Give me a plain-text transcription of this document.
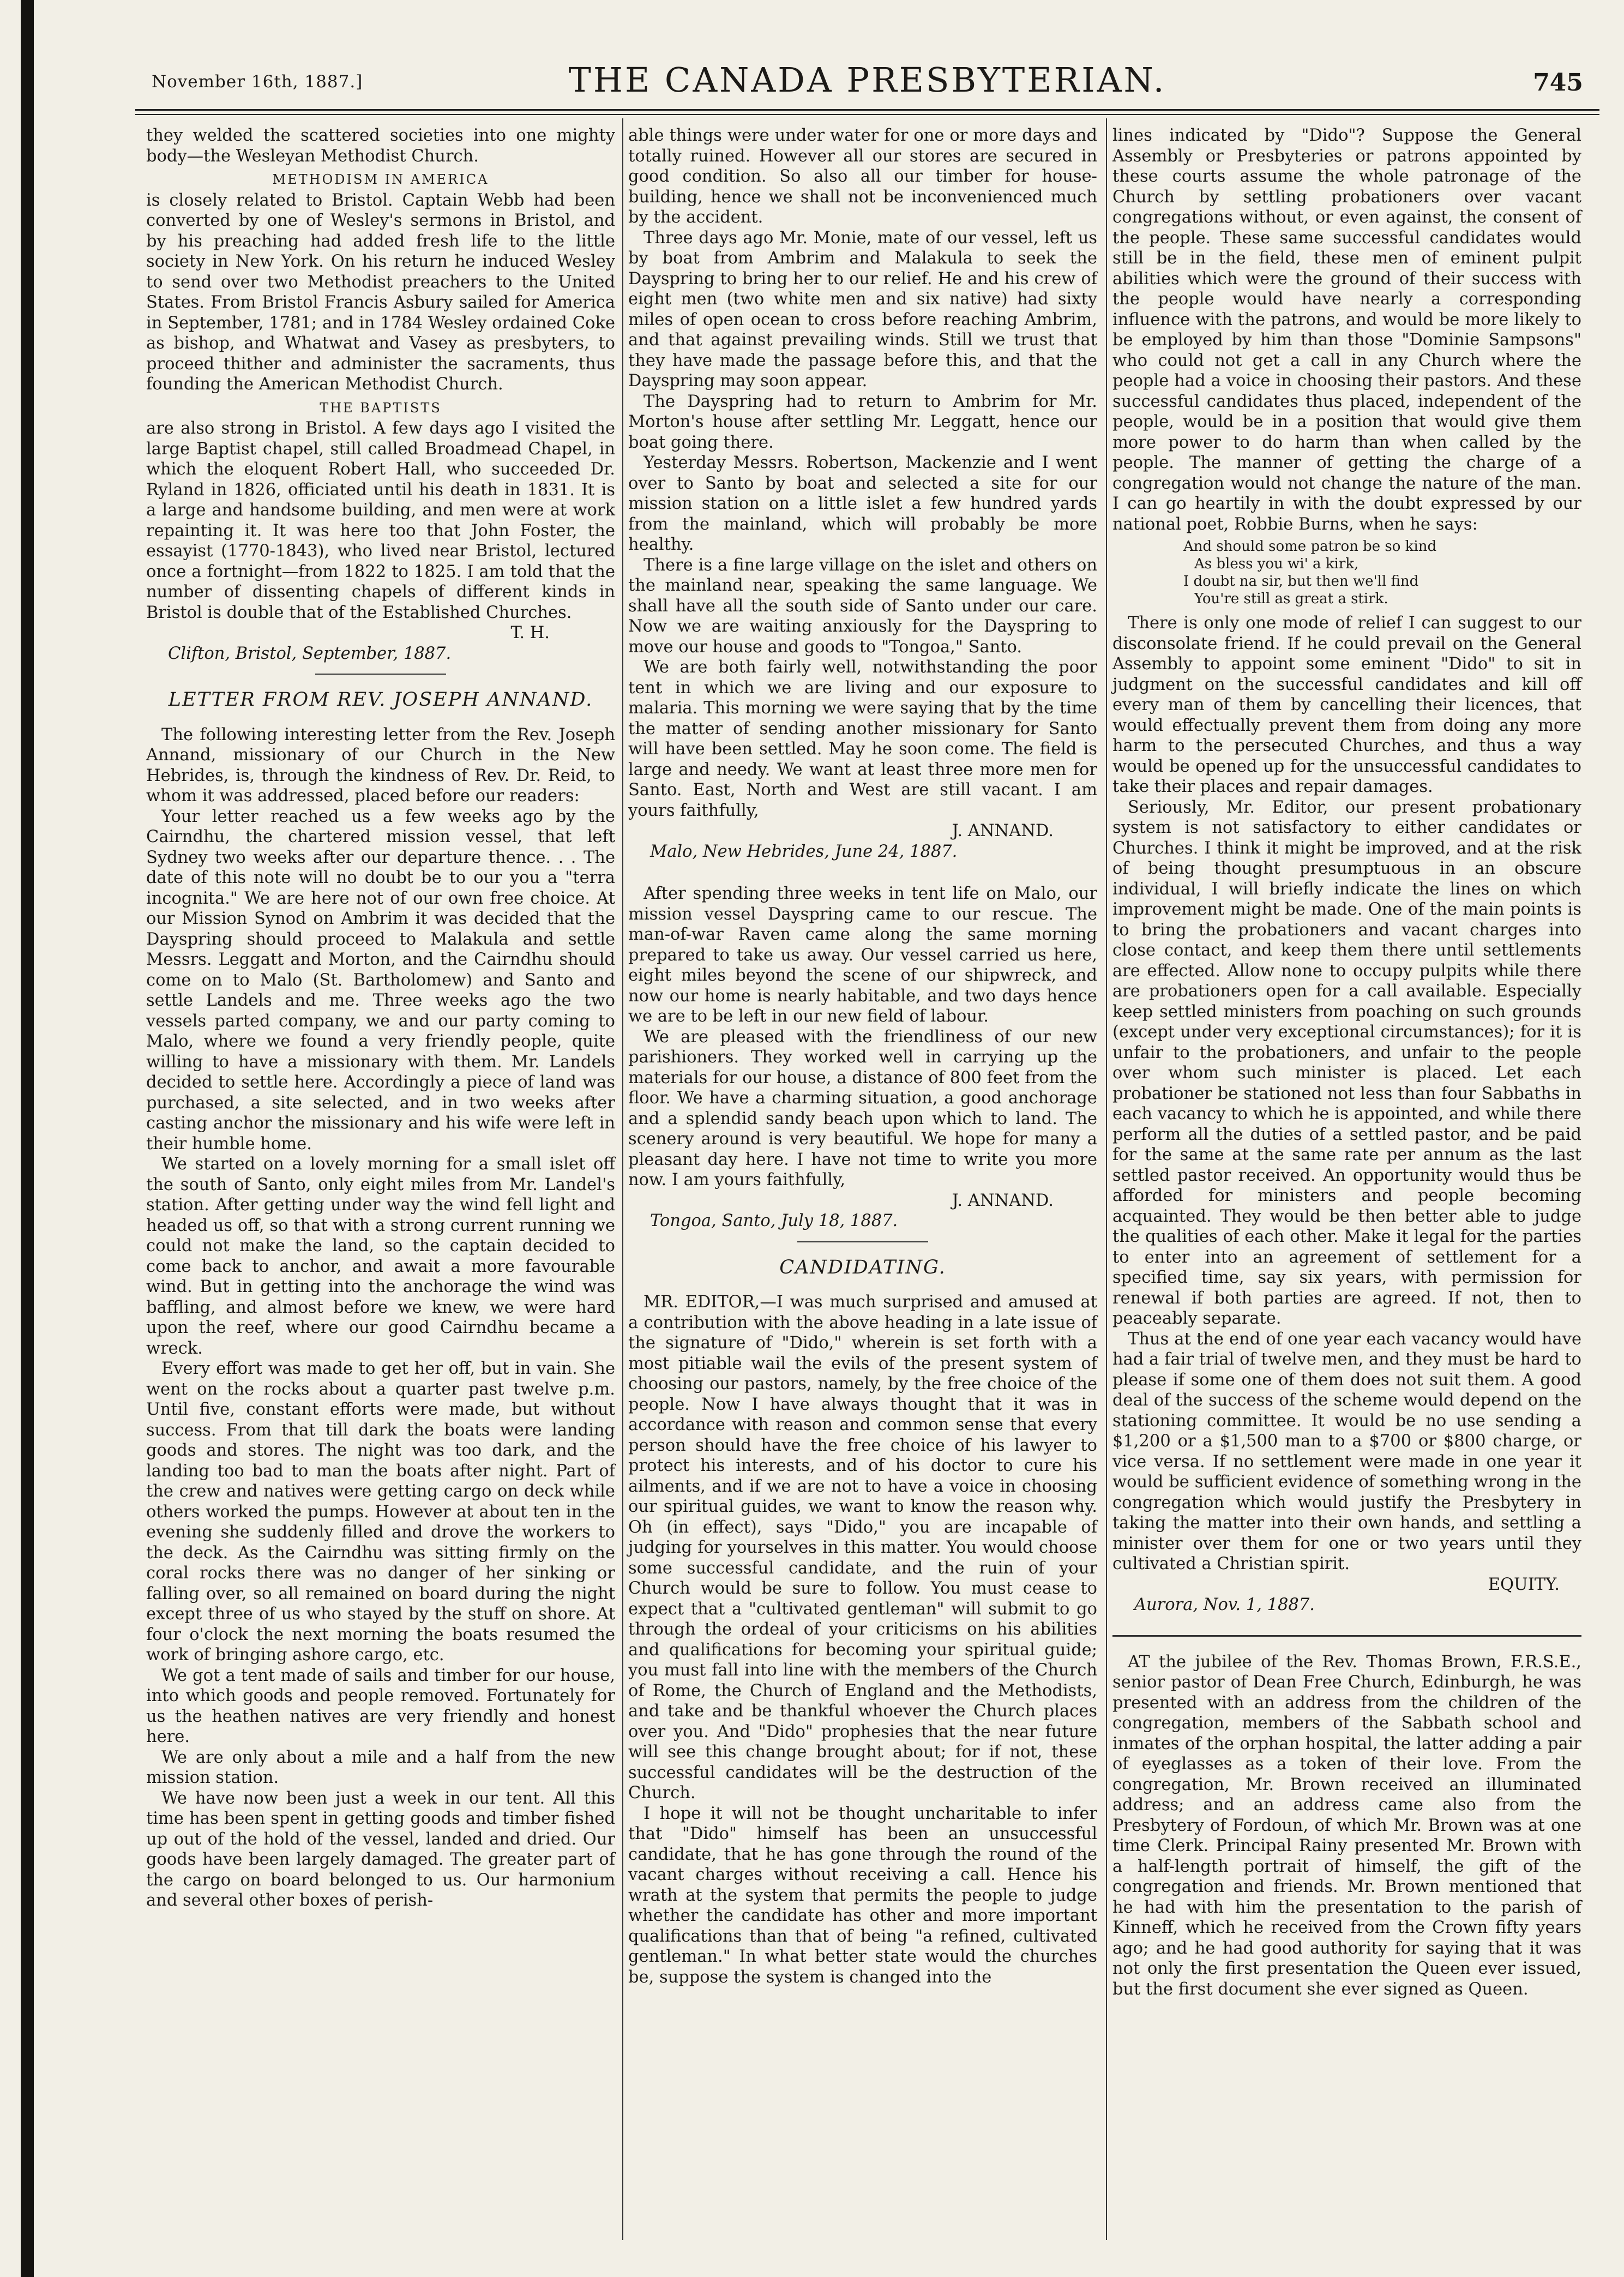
November 16th, 1887.]	THE CANADA PRESBYTERIAN.	745

they welded the scattered societies into one mighty body—the Wesleyan Methodist Church.

METHODISM IN AMERICA

is closely related to Bristol. Captain Webb had been converted by one of Wesley's sermons in Bristol, and by his preaching had added fresh life to the little society in New York. On his return he induced Wesley to send over two Methodist preachers to the United States. From Bristol Francis Asbury sailed for America in September, 1781; and in 1784 Wesley ordained Coke as bishop, and Whatwat and Vasey as presbyters, to proceed thither and administer the sacraments, thus founding the American Methodist Church.

THE BAPTISTS

are also strong in Bristol. A few days ago I visited the large Baptist chapel, still called Broadmead Chapel, in which the eloquent Robert Hall, who succeeded Dr. Ryland in 1826, officiated until his death in 1831. It is a large and handsome building, and men were at work repainting it. It was here too that John Foster, the essayist (1770-1843), who lived near Bristol, lectured once a fortnight—from 1822 to 1825. I am told that the number of dissenting chapels of different kinds in Bristol is double that of the Established Churches.

T. H.

Clifton, Bristol, September, 1887.

LETTER FROM REV. JOSEPH ANNAND.

The following interesting letter from the Rev. Joseph Annand, missionary of our Church in the New Hebrides, is, through the kindness of Rev. Dr. Reid, to whom it was addressed, placed before our readers:

Your letter reached us a few weeks ago by the Cairndhu, the chartered mission vessel, that left Sydney two weeks after our departure thence. . . The date of this note will no doubt be to our you a "terra incognita." We are here not of our own free choice. At our Mission Synod on Ambrim it was decided that the Dayspring should proceed to Malakula and settle Messrs. Leggatt and Morton, and the Cairndhu should come on to Malo (St. Bartholomew) and Santo and settle Landels and me. Three weeks ago the two vessels parted company, we and our party coming to Malo, where we found a very friendly people, quite willing to have a missionary with them. Mr. Landels decided to settle here. Accordingly a piece of land was purchased, a site selected, and in two weeks after casting anchor the missionary and his wife were left in their humble home.

We started on a lovely morning for a small islet off the south of Santo, only eight miles from Mr. Landel's station. After getting under way the wind fell light and headed us off, so that with a strong current running we could not make the land, so the captain decided to come back to anchor, and await a more favourable wind. But in getting into the anchorage the wind was baffling, and almost before we knew, we were hard upon the reef, where our good Cairndhu became a wreck.

Every effort was made to get her off, but in vain. She went on the rocks about a quarter past twelve p.m. Until five, constant efforts were made, but without success. From that till dark the boats were landing goods and stores. The night was too dark, and the landing too bad to man the boats after night. Part of the crew and natives were getting cargo on deck while others worked the pumps. However at about ten in the evening she suddenly filled and drove the workers to the deck. As the Cairndhu was sitting firmly on the coral rocks there was no danger of her sinking or falling over, so all remained on board during the night except three of us who stayed by the stuff on shore. At four o'clock the next morning the boats resumed the work of bringing ashore cargo, etc.

We got a tent made of sails and timber for our house, into which goods and people removed. Fortunately for us the heathen natives are very friendly and honest here.

We are only about a mile and a half from the new mission station.

We have now been just a week in our tent. All this time has been spent in getting goods and timber fished up out of the hold of the vessel, landed and dried. Our goods have been largely damaged. The greater part of the cargo on board belonged to us. Our harmonium and several other boxes of perish-

able things were under water for one or more days and totally ruined. However all our stores are secured in good condition. So also all our timber for house-building, hence we shall not be inconvenienced much by the accident.

Three days ago Mr. Monie, mate of our vessel, left us by boat from Ambrim and Malakula to seek the Dayspring to bring her to our relief. He and his crew of eight men (two white men and six native) had sixty miles of open ocean to cross before reaching Ambrim, and that against prevailing winds. Still we trust that they have made the passage before this, and that the Dayspring may soon appear.

The Dayspring had to return to Ambrim for Mr. Morton's house after settling Mr. Leggatt, hence our boat going there.

Yesterday Messrs. Robertson, Mackenzie and I went over to Santo by boat and selected a site for our mission station on a little islet a few hundred yards from the mainland, which will probably be more healthy.

There is a fine large village on the islet and others on the mainland near, speaking the same language. We shall have all the south side of Santo under our care. Now we are waiting anxiously for the Dayspring to move our house and goods to "Tongoa," Santo.

We are both fairly well, notwithstanding the poor tent in which we are living and our exposure to malaria. This morning we were saying that by the time the matter of sending another missionary for Santo will have been settled. May he soon come. The field is large and needy. We want at least three more men for Santo. East, North and West are still vacant. I am yours faithfully,

J. ANNAND.

Malo, New Hebrides, June 24, 1887.

After spending three weeks in tent life on Malo, our mission vessel Dayspring came to our rescue. The man-of-war Raven came along the same morning prepared to take us away. Our vessel carried us here, eight miles beyond the scene of our shipwreck, and now our home is nearly habitable, and two days hence we are to be left in our new field of labour.

We are pleased with the friendliness of our new parishioners. They worked well in carrying up the materials for our house, a distance of 800 feet from the floor. We have a charming situation, a good anchorage and a splendid sandy beach upon which to land. The scenery around is very beautiful. We hope for many a pleasant day here. I have not time to write you more now. I am yours faithfully,

J. ANNAND.

Tongoa, Santo, July 18, 1887.

CANDIDATING.

MR. EDITOR,—I was much surprised and amused at a contribution with the above heading in a late issue of the signature of "Dido," wherein is set forth with a most pitiable wail the evils of the present system of choosing our pastors, namely, by the free choice of the people. Now I have always thought that it was in accordance with reason and common sense that every person should have the free choice of his lawyer to protect his interests, and of his doctor to cure his ailments, and if we are not to have a voice in choosing our spiritual guides, we want to know the reason why. Oh (in effect), says "Dido," you are incapable of judging for yourselves in this matter. You would choose some successful candidate, and the ruin of your Church would be sure to follow. You must cease to expect that a "cultivated gentleman" will submit to go through the ordeal of your criticisms on his abilities and qualifications for becoming your spiritual guide; you must fall into line with the members of the Church of Rome, the Church of England and the Methodists, and take and be thankful whoever the Church places over you. And "Dido" prophesies that the near future will see this change brought about; for if not, these successful candidates will be the destruction of the Church.

I hope it will not be thought uncharitable to infer that "Dido" himself has been an unsuccessful candidate, that he has gone through the round of the vacant charges without receiving a call. Hence his wrath at the system that permits the people to judge whether the candidate has other and more important qualifications than that of being "a refined, cultivated gentleman." In what better state would the churches be, suppose the system is changed into the

lines indicated by "Dido"? Suppose the General Assembly or Presbyteries or patrons appointed by these courts assume the whole patronage of the Church by settling probationers over vacant congregations without, or even against, the consent of the people. These same successful candidates would still be in the field, these men of eminent pulpit abilities which were the ground of their success with the people would have nearly a corresponding influence with the patrons, and would be more likely to be employed by him than those "Dominie Sampsons" who could not get a call in any Church where the people had a voice in choosing their pastors. And these successful candidates thus placed, independent of the people, would be in a position that would give them more power to do harm than when called by the people. The manner of getting the charge of a congregation would not change the nature of the man. I can go heartily in with the doubt expressed by our national poet, Robbie Burns, when he says:

And should some patron be so kind
As bless you wi' a kirk,
I doubt na sir, but then we'll find
You're still as great a stirk.

There is only one mode of relief I can suggest to our disconsolate friend. If he could prevail on the General Assembly to appoint some eminent "Dido" to sit in judgment on the successful candidates and kill off every man of them by cancelling their licences, that would effectually prevent them from doing any more harm to the persecuted Churches, and thus a way would be opened up for the unsuccessful candidates to take their places and repair damages.

Seriously, Mr. Editor, our present probationary system is not satisfactory to either candidates or Churches. I think it might be improved, and at the risk of being thought presumptuous in an obscure individual, I will briefly indicate the lines on which improvement might be made. One of the main points is to bring the probationers and vacant charges into close contact, and keep them there until settlements are effected. Allow none to occupy pulpits while there are probationers open for a call available. Especially keep settled ministers from poaching on such grounds (except under very exceptional circumstances); for it is unfair to the probationers, and unfair to the people over whom such minister is placed. Let each probationer be stationed not less than four Sabbaths in each vacancy to which he is appointed, and while there perform all the duties of a settled pastor, and be paid for the same at the same rate per annum as the last settled pastor received. An opportunity would thus be afforded for ministers and people becoming acquainted. They would be then better able to judge the qualities of each other. Make it legal for the parties to enter into an agreement of settlement for a specified time, say six years, with permission for renewal if both parties are agreed. If not, then to peaceably separate.

Thus at the end of one year each vacancy would have had a fair trial of twelve men, and they must be hard to please if some one of them does not suit them. A good deal of the success of the scheme would depend on the stationing committee. It would be no use sending a $1,200 or a $1,500 man to a $700 or $800 charge, or vice versa. If no settlement were made in one year it would be sufficient evidence of something wrong in the congregation which would justify the Presbytery in taking the matter into their own hands, and settling a minister over them for one or two years until they cultivated a Christian spirit.

EQUITY.

Aurora, Nov. 1, 1887.

AT the jubilee of the Rev. Thomas Brown, F.R.S.E., senior pastor of Dean Free Church, Edinburgh, he was presented with an address from the children of the congregation, members of the Sabbath school and inmates of the orphan hospital, the latter adding a pair of eyeglasses as a token of their love. From the congregation, Mr. Brown received an illuminated address; and an address came also from the Presbytery of Fordoun, of which Mr. Brown was at one time Clerk. Principal Rainy presented Mr. Brown with a half-length portrait of himself, the gift of the congregation and friends. Mr. Brown mentioned that he had with him the presentation to the parish of Kinneff, which he received from the Crown fifty years ago; and he had good authority for saying that it was not only the first presentation the Queen ever issued, but the first document she ever signed as Queen.
